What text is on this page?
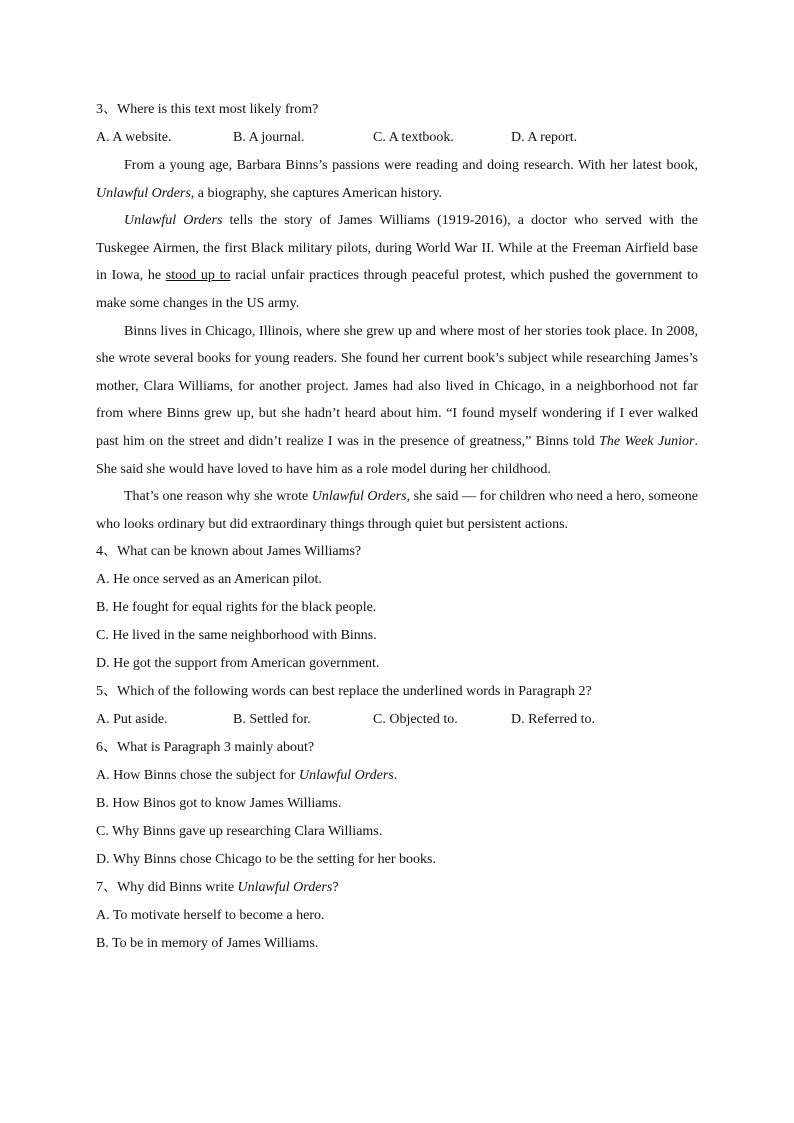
3、Where is this text most likely from?

A. A website.	B. A journal.	C. A textbook.	D. A report.

From a young age, Barbara Binns’s passions were reading and doing research. With her latest book, Unlawful Orders, a biography, she captures American history.

Unlawful Orders tells the story of James Williams (1919-2016), a doctor who served with the Tuskegee Airmen, the first Black military pilots, during World War II. While at the Freeman Airfield base in Iowa, he stood up to racial unfair practices through peaceful protest, which pushed the government to make some changes in the US army.

Binns lives in Chicago, Illinois, where she grew up and where most of her stories took place. In 2008, she wrote several books for young readers. She found her current book’s subject while researching James’s mother, Clara Williams, for another project. James had also lived in Chicago, in a neighborhood not far from where Binns grew up, but she hadn’t heard about him. “I found myself wondering if I ever walked past him on the street and didn’t realize I was in the presence of greatness,” Binns told The Week Junior. She said she would have loved to have him as a role model during her childhood.

That’s one reason why she wrote Unlawful Orders, she said — for children who need a hero, someone who looks ordinary but did extraordinary things through quiet but persistent actions.

4、What can be known about James Williams?

A. He once served as an American pilot.

B. He fought for equal rights for the black people.

C. He lived in the same neighborhood with Binns.

D. He got the support from American government.

5、Which of the following words can best replace the underlined words in Paragraph 2?

A. Put aside.	B. Settled for.	C. Objected to.	D. Referred to.

6、What is Paragraph 3 mainly about?

A. How Binns chose the subject for Unlawful Orders.

B. How Binos got to know James Williams.

C. Why Binns gave up researching Clara Williams.

D. Why Binns chose Chicago to be the setting for her books.

7、Why did Binns write Unlawful Orders?

A. To motivate herself to become a hero.

B. To be in memory of James Williams.
